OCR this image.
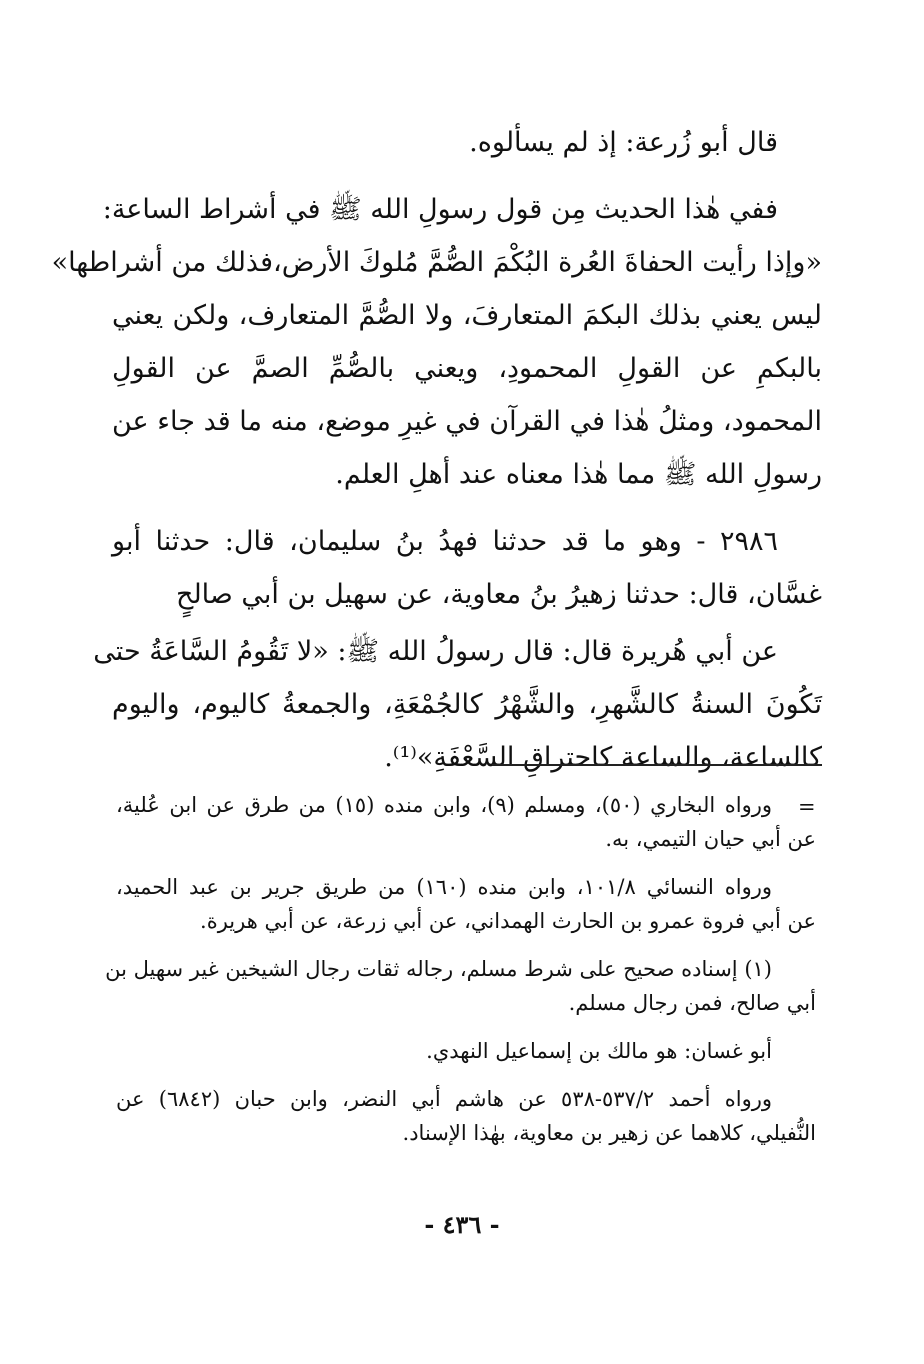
قال أبو زُرعة: إذ لم يسألوه.
ففي هٰذا الحديث مِن قول رسولِ الله ﷺ في أشراط الساعة:
«وإذا رأيت الحفاةَ العُرة البُكْمَ الصُّمَّ مُلوكَ الأرض،فذلك من أشراطها»
ليس يعني بذلك البكمَ المتعارفَ، ولا الصُّمَّ المتعارف، ولكن يعني
بالبكمِ عن القولِ المحمودِ، ويعني بالصُّمِّ الصمَّ عن القولِ
المحمود، ومثلُ هٰذا في القرآن في غيرِ موضع، منه ما قد جاء عن
رسولِ الله ﷺ مما هٰذا معناه عند أهلِ العلم.
٢٩٨٦ - وهو ما قد حدثنا فهدُ بنُ سليمان، قال: حدثنا أبو
غسَّان، قال: حدثنا زهيرُ بنُ معاوية، عن سهيل بن أبي صالحٍ
عن أبي هُريرة قال: قال رسولُ الله ﷺ: «لا تَقُومُ السَّاعَةُ حتى
تَكُونَ السنةُ كالشَّهرِ، والشَّهْرُ كالجُمْعَةِ، والجمعةُ كاليوم، واليوم
كالساعة، والساعة كاحتراقِ السَّعْفَةِ»⁽¹⁾.
=
ورواه البخاري (٥٠)، ومسلم (٩)، وابن منده (١٥) من طرق عن ابن عُلية،
عن أبي حيان التيمي، به.
ورواه النسائي ١٠١/٨، وابن منده (١٦٠) من طريق جرير بن عبد الحميد،
عن أبي فروة عمرو بن الحارث الهمداني، عن أبي زرعة، عن أبي هريرة.
(١) إسناده صحيح على شرط مسلم، رجاله ثقات رجال الشيخين غير سهيل بن
أبي صالح، فمن رجال مسلم.
أبو غسان: هو مالك بن إسماعيل النهدي.
ورواه أحمد ٥٣٧/٢-٥٣٨ عن هاشم أبي النضر، وابن حبان (٦٨٤٢) عن
النُّفيلي، كلاهما عن زهير بن معاوية، بهٰذا الإسناد.
- ٤٣٦ -
